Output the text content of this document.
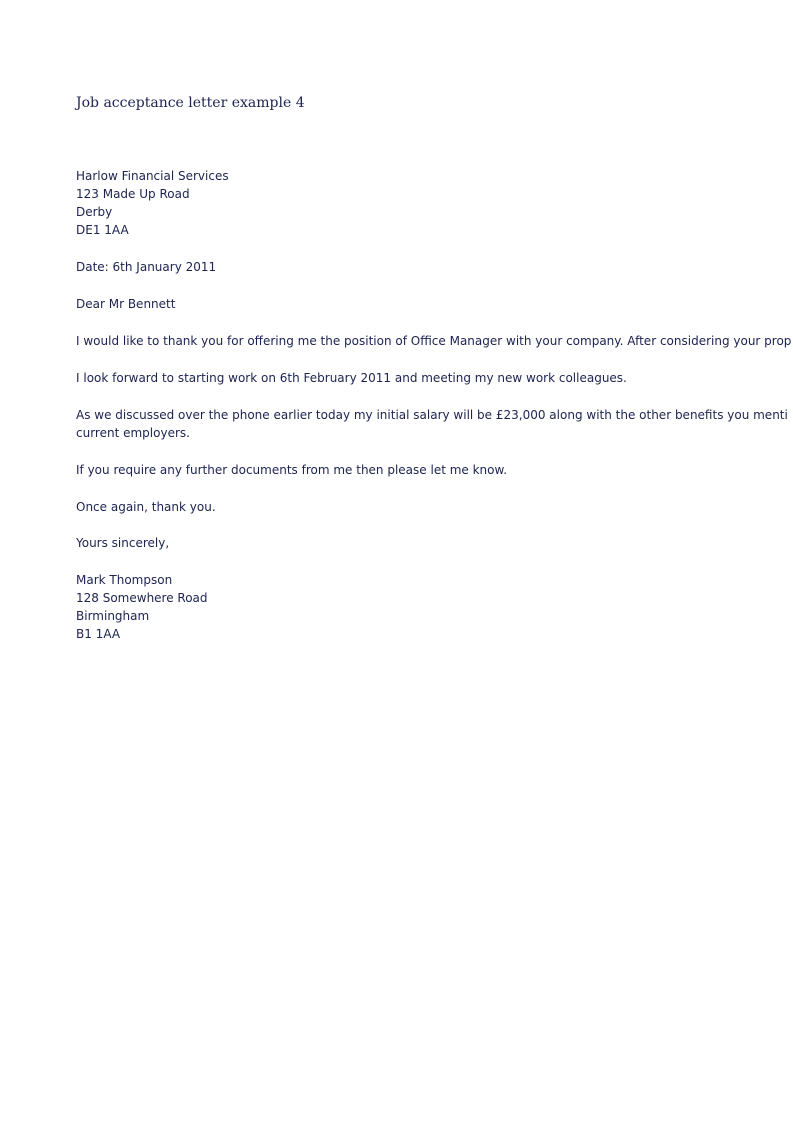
Job acceptance letter example 4
Harlow Financial Services
123 Made Up Road
Derby
DE1 1AA
Date: 6th January 2011
Dear Mr Bennett
I would like to thank you for offering me the position of Office Manager with your company. After considering your prop
I look forward to starting work on 6th February 2011 and meeting my new work colleagues.
As we discussed over the phone earlier today my initial salary will be £23,000 along with the other benefits you menti
current employers.
If you require any further documents from me then please let me know.
Once again, thank you.
Yours sincerely,
Mark Thompson
128 Somewhere Road
Birmingham
B1 1AA
